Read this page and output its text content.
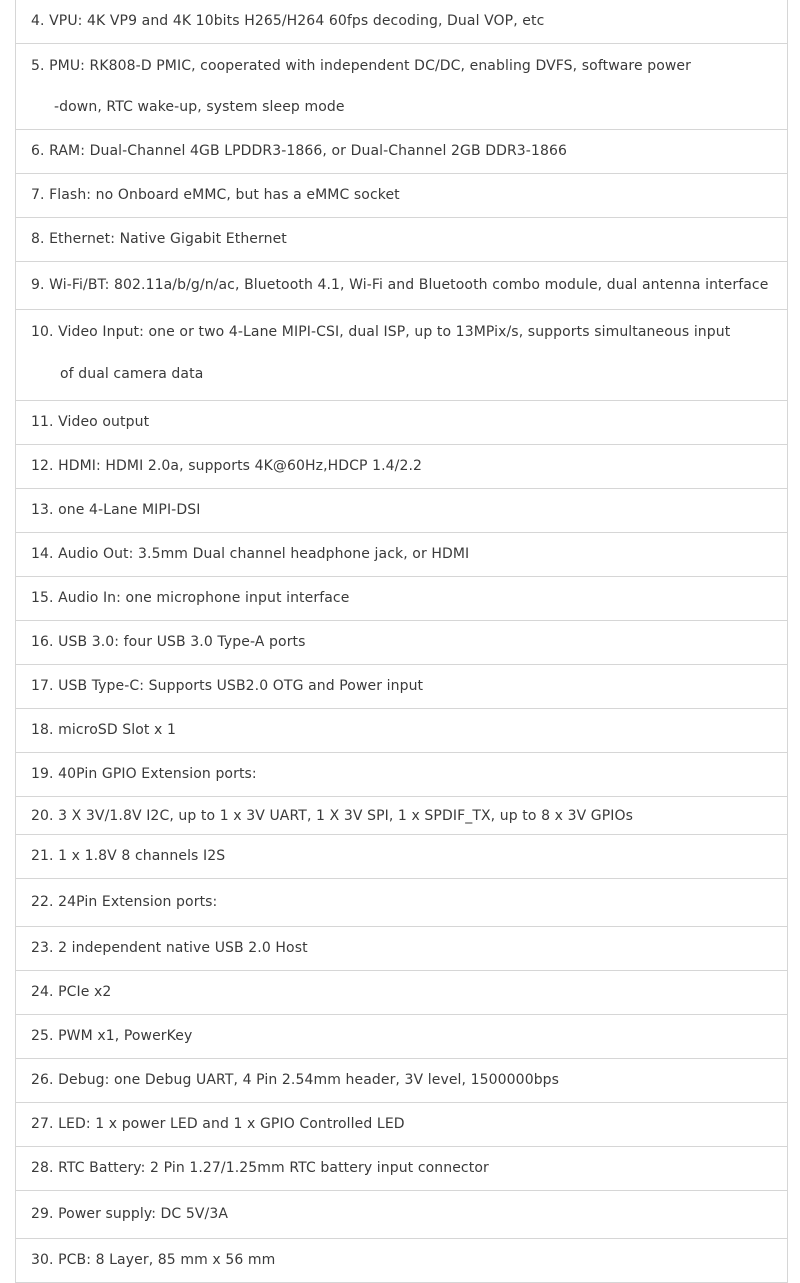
4. VPU: 4K VP9 and 4K 10bits H265/H264 60fps decoding, Dual VOP, etc
5. PMU: RK808-D PMIC, cooperated with independent DC/DC, enabling DVFS, software power
-down, RTC wake-up, system sleep mode
6. RAM: Dual-Channel 4GB LPDDR3-1866, or Dual-Channel 2GB DDR3-1866
7. Flash: no Onboard eMMC, but has a eMMC socket
8. Ethernet: Native Gigabit Ethernet
9. Wi-Fi/BT: 802.11a/b/g/n/ac, Bluetooth 4.1, Wi-Fi and Bluetooth combo module, dual antenna interface
10. Video Input: one or two 4-Lane MIPI-CSI, dual ISP, up to 13MPix/s, supports simultaneous input
of dual camera data
11. Video output
12. HDMI: HDMI 2.0a, supports 4K@60Hz,HDCP 1.4/2.2
13. one 4-Lane MIPI-DSI
14. Audio Out: 3.5mm Dual channel headphone jack, or HDMI
15. Audio In: one microphone input interface
16. USB 3.0: four USB 3.0 Type-A ports
17. USB Type-C: Supports USB2.0 OTG and Power input
18. microSD Slot x 1
19. 40Pin GPIO Extension ports:
20. 3 X 3V/1.8V I2C, up to 1 x 3V UART, 1 X 3V SPI, 1 x SPDIF_TX, up to 8 x 3V GPIOs
21. 1 x 1.8V 8 channels I2S
22. 24Pin Extension ports:
23. 2 independent native USB 2.0 Host
24. PCIe x2
25. PWM x1, PowerKey
26. Debug: one Debug UART, 4 Pin 2.54mm header, 3V level, 1500000bps
27. LED: 1 x power LED and 1 x GPIO Controlled LED
28. RTC Battery: 2 Pin 1.27/1.25mm RTC battery input connector
29. Power supply: DC 5V/3A
30. PCB: 8 Layer, 85 mm x 56 mm
